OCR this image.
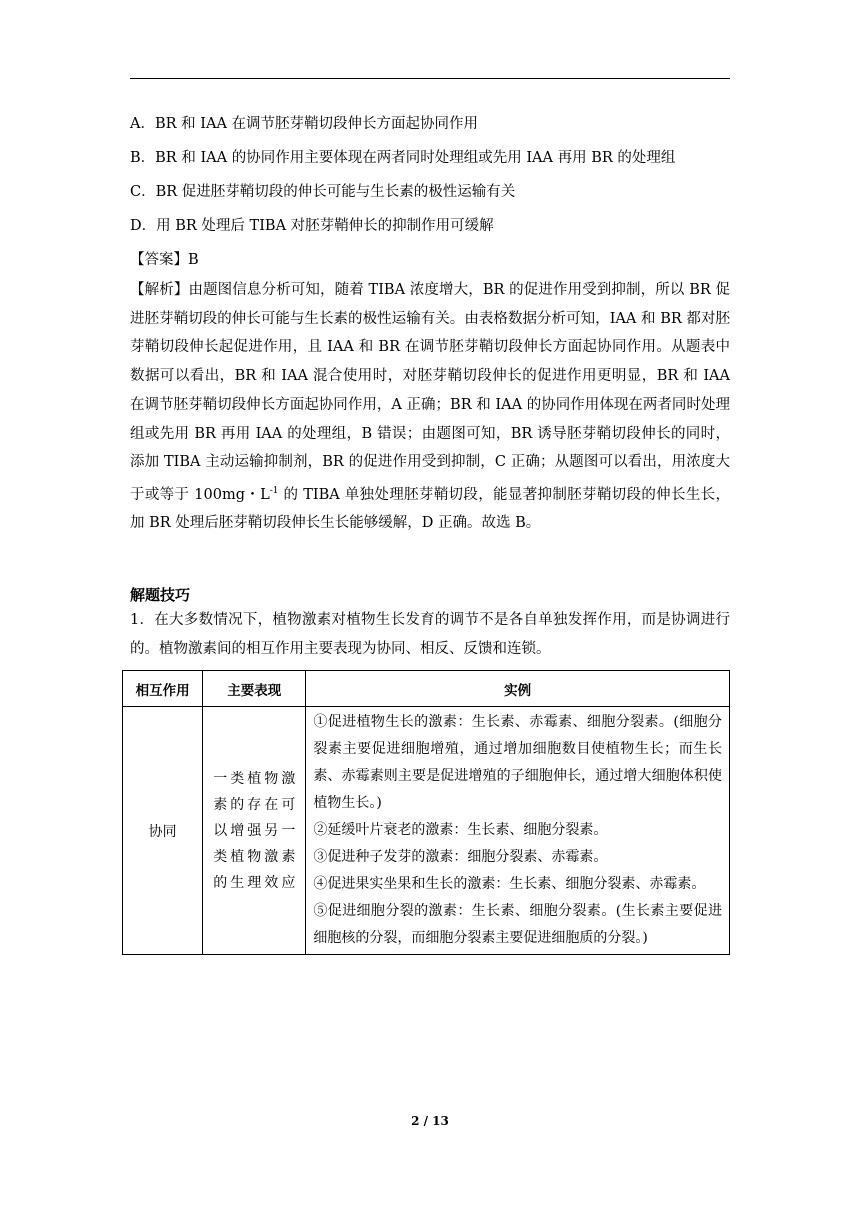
A．BR 和 IAA 在调节胚芽鞘切段伸长方面起协同作用
B．BR 和 IAA 的协同作用主要体现在两者同时处理组或先用 IAA 再用 BR 的处理组
C．BR 促进胚芽鞘切段的伸长可能与生长素的极性运输有关
D．用 BR 处理后 TIBA 对胚芽鞘伸长的抑制作用可缓解
【答案】B
【解析】由题图信息分析可知，随着 TIBA 浓度增大，BR 的促进作用受到抑制，所以 BR 促进胚芽鞘切段的伸长可能与生长素的极性运输有关。由表格数据分析可知，IAA 和 BR 都对胚芽鞘切段伸长起促进作用，且 IAA 和 BR 在调节胚芽鞘切段伸长方面起协同作用。从题表中数据可以看出，BR 和 IAA 混合使用时，对胚芽鞘切段伸长的促进作用更明显，BR 和 IAA 在调节胚芽鞘切段伸长方面起协同作用，A 正确；BR 和 IAA 的协同作用体现在两者同时处理组或先用 BR 再用 IAA 的处理组，B 错误；由题图可知，BR 诱导胚芽鞘切段伸长的同时，添加 TIBA 主动运输抑制剂，BR 的促进作用受到抑制，C 正确；从题图可以看出，用浓度大于或等于 100mg・$L^{-1}$ 的 TIBA 单独处理胚芽鞘切段，能显著抑制胚芽鞘切段的伸长生长，加 BR 处理后胚芽鞘切段伸长生长能够缓解，D 正确。故选 B。
解题技巧
1．在大多数情况下，植物激素对植物生长发育的调节不是各自单独发挥作用，而是协调进行的。植物激素间的相互作用主要表现为协同、相反、反馈和连锁。
相互作用	主要表现	实例
协同	一类植物激素的存在可以增强另一类植物激素的生理效应	①促进植物生长的激素：生长素、赤霉素、细胞分裂素。(细胞分裂素主要促进细胞增殖，通过增加细胞数目使植物生长；而生长素、赤霉素则主要是促进增殖的子细胞伸长，通过增大细胞体积使植物生长。)

②延缓叶片衰老的激素：生长素、细胞分裂素。

③促进种子发芽的激素：细胞分裂素、赤霉素。

④促进果实坐果和生长的激素：生长素、细胞分裂素、赤霉素。

⑤促进细胞分裂的激素：生长素、细胞分裂素。(生长素主要促进细胞核的分裂，而细胞分裂素主要促进细胞质的分裂。)

2 / 13
